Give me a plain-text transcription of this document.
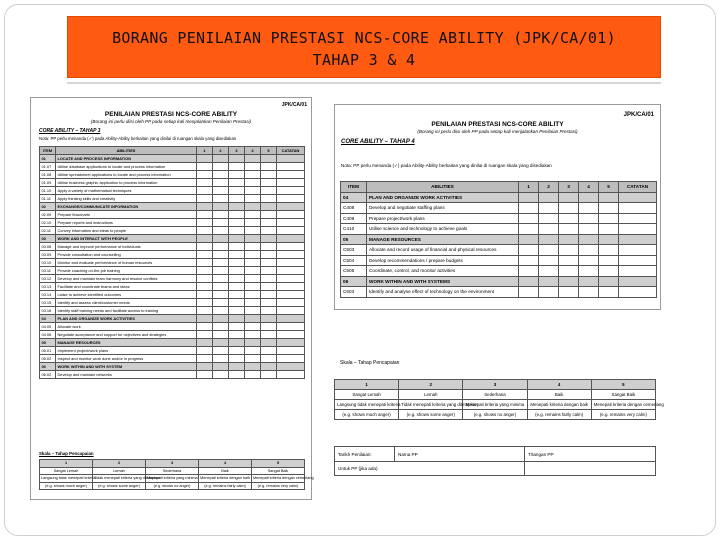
BORANG PENILAIAN PRESTASI NCS-CORE ABILITY (JPK/CA/01)
TAHAP 3 & 4
JPK/CA/01
PENILAIAN PRESTASI NCS-CORE ABILITY
(Borang ini perlu diisi oleh PP pada setiap kali menjalankan Penilaian Prestasi)
CORE ABILITY – TAHAP 3
Nota: PP perlu menanda (✓) pada Ability-Ability berkaitan yang dinilai di ruangan skala yang disediakan
ITEM	ABILITIES	1	2	3	4	5	CATATAN
01	LOCATE AND PROCESS INFORMATION						
01.07	Utilise database applications to locate and process information						
01.08	Utilise spreadsheet applications to locate and process information						
01.09	Utilise business graphic application to process information						
01.10	Apply a variety of mathematical techniques						
01.11	Apply thinking skills and creativity						
02	EXCHANGE/COMMUNICATE INFORMATION						
02.09	Prepare flowcharts						
02.10	Prepare reports and instructions						
02.11	Convey information and ideas to people						
03	WORK AND INTERACT WITH PEOPLE						
03.08	Manage and improve performance of individuals						
03.09	Provide consultation and counselling						
03.10	Monitor and evaluate performance of human resources						
03.11	Provide coaching on-the-job training						
03.12	Develop and maintain team harmony and resolve conflicts						
03.13	Facilitate and coordinate teams and ideas						
03.14	Liaise to achieve identified outcomes						
03.15	Identify and assess client/customer needs						
03.16	Identify staff training needs and facilitate access to training						
04	PLAN AND ORGANIZE WORK ACTIVITIES						
04.05	Allocate work						
04.06	Negotiate acceptance and support for objectives and strategies						
05	MANAGE RESOURCES						
05.01	Implement project/work plans						
05.02	Inspect and monitor work done and/or in progress						
06	WORK WITHIN AND WITH SYSTEM						
06.02	Develop and maintain networks						
Skala – Tahap Pencapaian
1	2	3	4	5
Sangat Lemah	Lemah	Sederhana	Baik	Sangat Baik
Langsung tidak menepati kriteria	Tidak menepati kriteria yang ditetapkan	Menepati kriteria yang minima	Menepati kriteria dengan baik	Menepati kriteria dengan cemerlang
(e.g. shows much anger)	(e.g. shows some anger)	(e.g. shows no anger)	(e.g. remains fairly calm)	(e.g. remains very calm)
JPK/CA/01
PENILAIAN PRESTASI NCS-CORE ABILITY
(Borang ini perlu diisi oleh PP pada setiap kali menjalankan Penilaian Prestasi)
CORE ABILITY – TAHAP 4
Nota: PP perlu menanda (✓) pada Ability-Ability berkaitan yang dinilai di ruangan skala yang disediakan
ITEM	ABILITIES	1	2	3	4	5	CATATAN
04	PLAN AND ORGANIZE WORK ACTIVITIES						
C408	Develop and negotiate staffing plans						
C409	Prepare project/work plans						
C410	Utilise science and technology to achieve goals						
05	MANAGE RESOURCES						
C503	Allocate and record usage of financial and physical resources						
C504	Develop recommendations / prepare budgets						
C505	Coordinate, control, and monitor activities						
06	WORK WITHIN AND WITH SYSTEMS						
C603	Identify and analyse effect of technology on the environment						
Skala – Tahap Pencapaian
1	2	3	4	5
Sangat Lemah	Lemah	Sederhana	Baik	Sangat Baik
Langsung tidak menepati kriteria	Tidak menepati kriteria yang ditetapkan	Menepati kriteria yang minima	Menepati kriteria dengan baik	Menepati kriteria dengan cemerlang
(e.g. shows much anger)	(e.g. shows some anger)	(e.g. shows no anger)	(e.g. remains fairly calm)	(e.g. remains very calm)
Tarikh Penilaian:	Nama PP	T/tangan PP
Untuk PP (jika ada)		
